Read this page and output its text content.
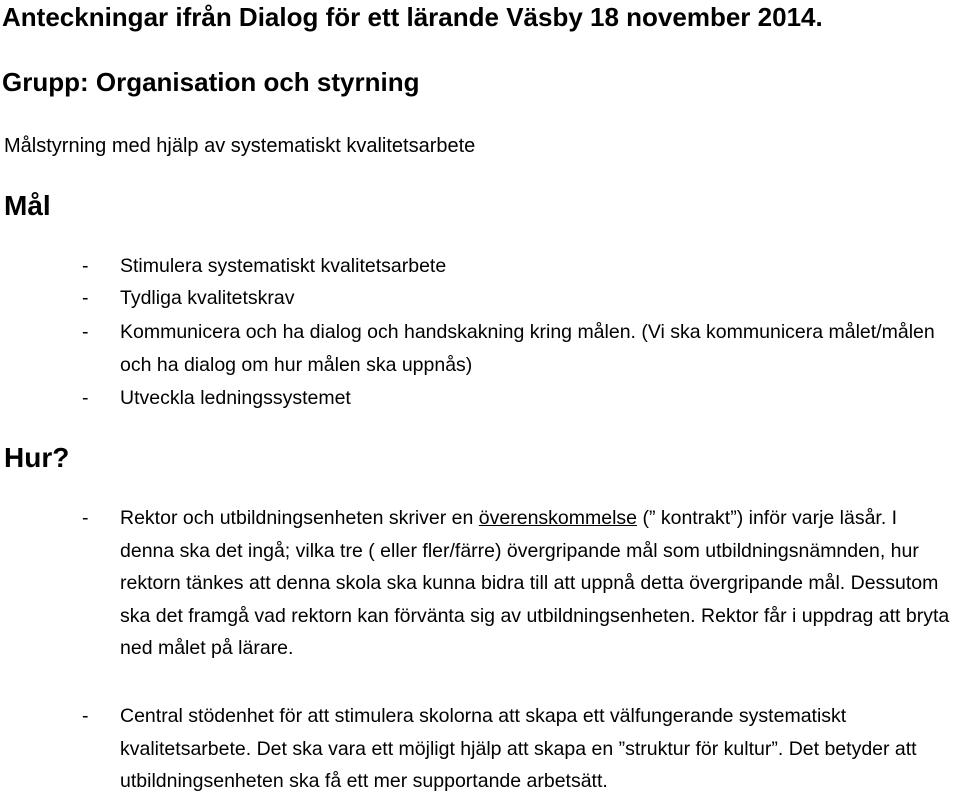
Anteckningar ifrån Dialog för ett lärande Väsby 18 november 2014.
Grupp: Organisation och styrning

Målstyrning med hjälp av systematiskt kvalitetsarbete

Mål
- Stimulera systematiskt kvalitetsarbete
- Tydliga kvalitetskrav
- Kommunicera och ha dialog och handskakning kring målen. (Vi ska kommunicera målet/målen och ha dialog om hur målen ska uppnås)
- Utveckla ledningssystemet
Hur?
- Rektor och utbildningsenheten skriver en överenskommelse (” kontrakt”) inför varje läsår. I denna ska det ingå; vilka tre ( eller fler/färre) övergripande mål som utbildningsnämnden, hur rektorn tänkes att denna skola ska kunna bidra till att uppnå detta övergripande mål. Dessutom ska det framgå vad rektorn kan förvänta sig av utbildningsenheten. Rektor får i uppdrag att bryta ned målet på lärare.
- Central stödenhet för att stimulera skolorna att skapa ett välfungerande systematiskt kvalitetsarbete. Det ska vara ett möjligt hjälp att skapa en ”struktur för kultur”. Det betyder att utbildningsenheten ska få ett mer supportande arbetsätt.
